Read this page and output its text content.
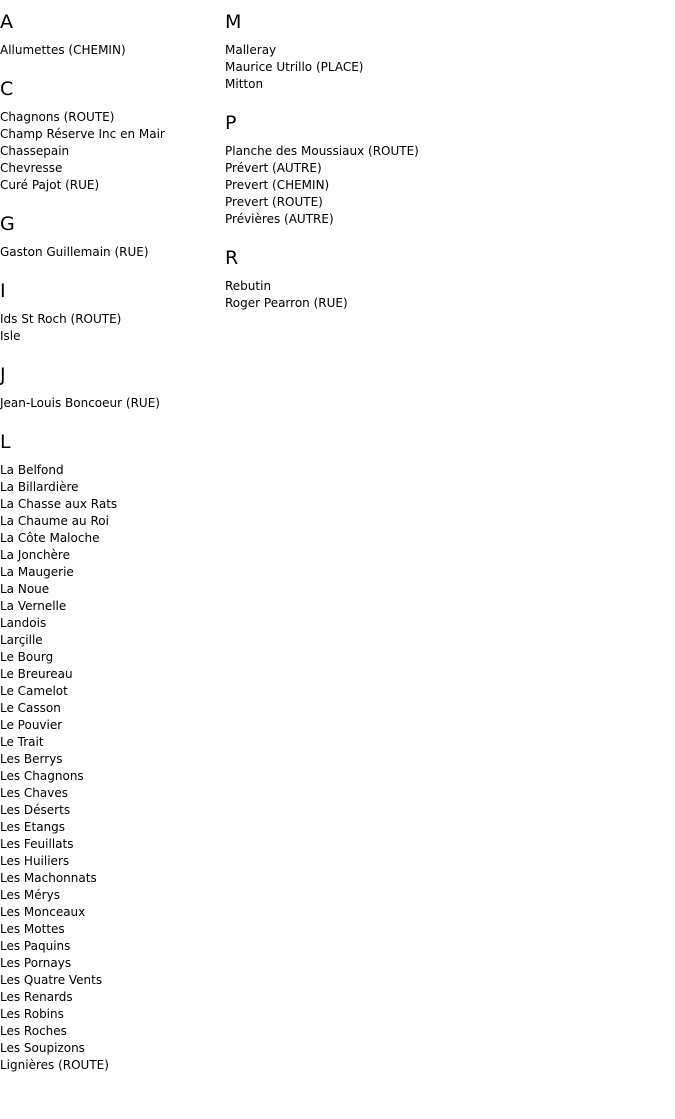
A
Allumettes (CHEMIN)
C
Chagnons (ROUTE)
Champ Réserve Inc en Mair
Chassepain
Chevresse
Curé Pajot (RUE)
G
Gaston Guillemain (RUE)
I
Ids St Roch (ROUTE)
Isle
J
Jean-Louis Boncoeur (RUE)
L
La Belfond
La Billardière
La Chasse aux Rats
La Chaume au Roi
La Côte Maloche
La Jonchère
La Maugerie
La Noue
La Vernelle
Landois
Larçille
Le Bourg
Le Breureau
Le Camelot
Le Casson
Le Pouvier
Le Trait
Les Berrys
Les Chagnons
Les Chaves
Les Déserts
Les Etangs
Les Feuillats
Les Huiliers
Les Machonnats
Les Mérys
Les Monceaux
Les Mottes
Les Paquins
Les Pornays
Les Quatre Vents
Les Renards
Les Robins
Les Roches
Les Soupizons
Lignières (ROUTE)
M
Malleray
Maurice Utrillo (PLACE)
Mitton
P
Planche des Moussiaux (ROUTE)
Prévert (AUTRE)
Prevert (CHEMIN)
Prevert (ROUTE)
Prévières (AUTRE)
R
Rebutin
Roger Pearron (RUE)
